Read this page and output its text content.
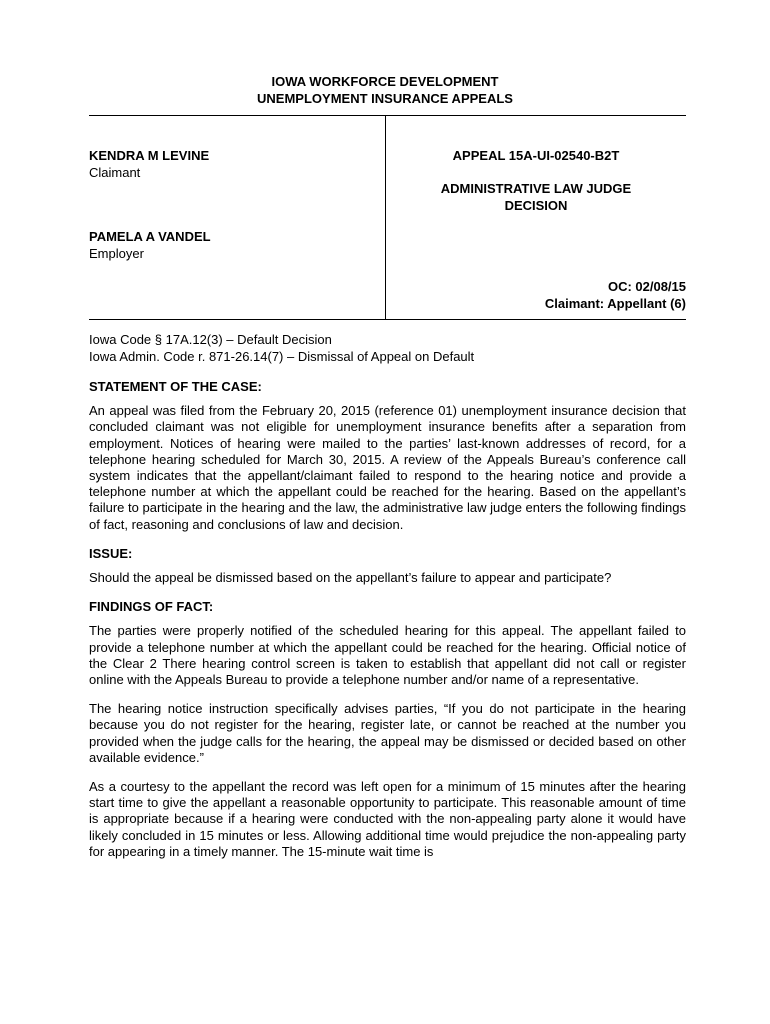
IOWA WORKFORCE DEVELOPMENT
UNEMPLOYMENT INSURANCE APPEALS
KENDRA M LEVINE
Claimant
PAMELA A VANDEL
Employer
APPEAL 15A-UI-02540-B2T
ADMINISTRATIVE LAW JUDGE
DECISION
OC: 02/08/15
Claimant: Appellant (6)
Iowa Code § 17A.12(3) – Default Decision
Iowa Admin. Code r. 871-26.14(7) – Dismissal of Appeal on Default
STATEMENT OF THE CASE:
An appeal was filed from the February 20, 2015 (reference 01) unemployment insurance decision that concluded claimant was not eligible for unemployment insurance benefits after a separation from employment. Notices of hearing were mailed to the parties’ last-known addresses of record, for a telephone hearing scheduled for March 30, 2015. A review of the Appeals Bureau’s conference call system indicates that the appellant/claimant failed to respond to the hearing notice and provide a telephone number at which the appellant could be reached for the hearing. Based on the appellant’s failure to participate in the hearing and the law, the administrative law judge enters the following findings of fact, reasoning and conclusions of law and decision.
ISSUE:
Should the appeal be dismissed based on the appellant’s failure to appear and participate?
FINDINGS OF FACT:
The parties were properly notified of the scheduled hearing for this appeal. The appellant failed to provide a telephone number at which the appellant could be reached for the hearing. Official notice of the Clear 2 There hearing control screen is taken to establish that appellant did not call or register online with the Appeals Bureau to provide a telephone number and/or name of a representative.
The hearing notice instruction specifically advises parties, “If you do not participate in the hearing because you do not register for the hearing, register late, or cannot be reached at the number you provided when the judge calls for the hearing, the appeal may be dismissed or decided based on other available evidence.”
As a courtesy to the appellant the record was left open for a minimum of 15 minutes after the hearing start time to give the appellant a reasonable opportunity to participate. This reasonable amount of time is appropriate because if a hearing were conducted with the non-appealing party alone it would have likely concluded in 15 minutes or less. Allowing additional time would prejudice the non-appealing party for appearing in a timely manner. The 15-minute wait time is
